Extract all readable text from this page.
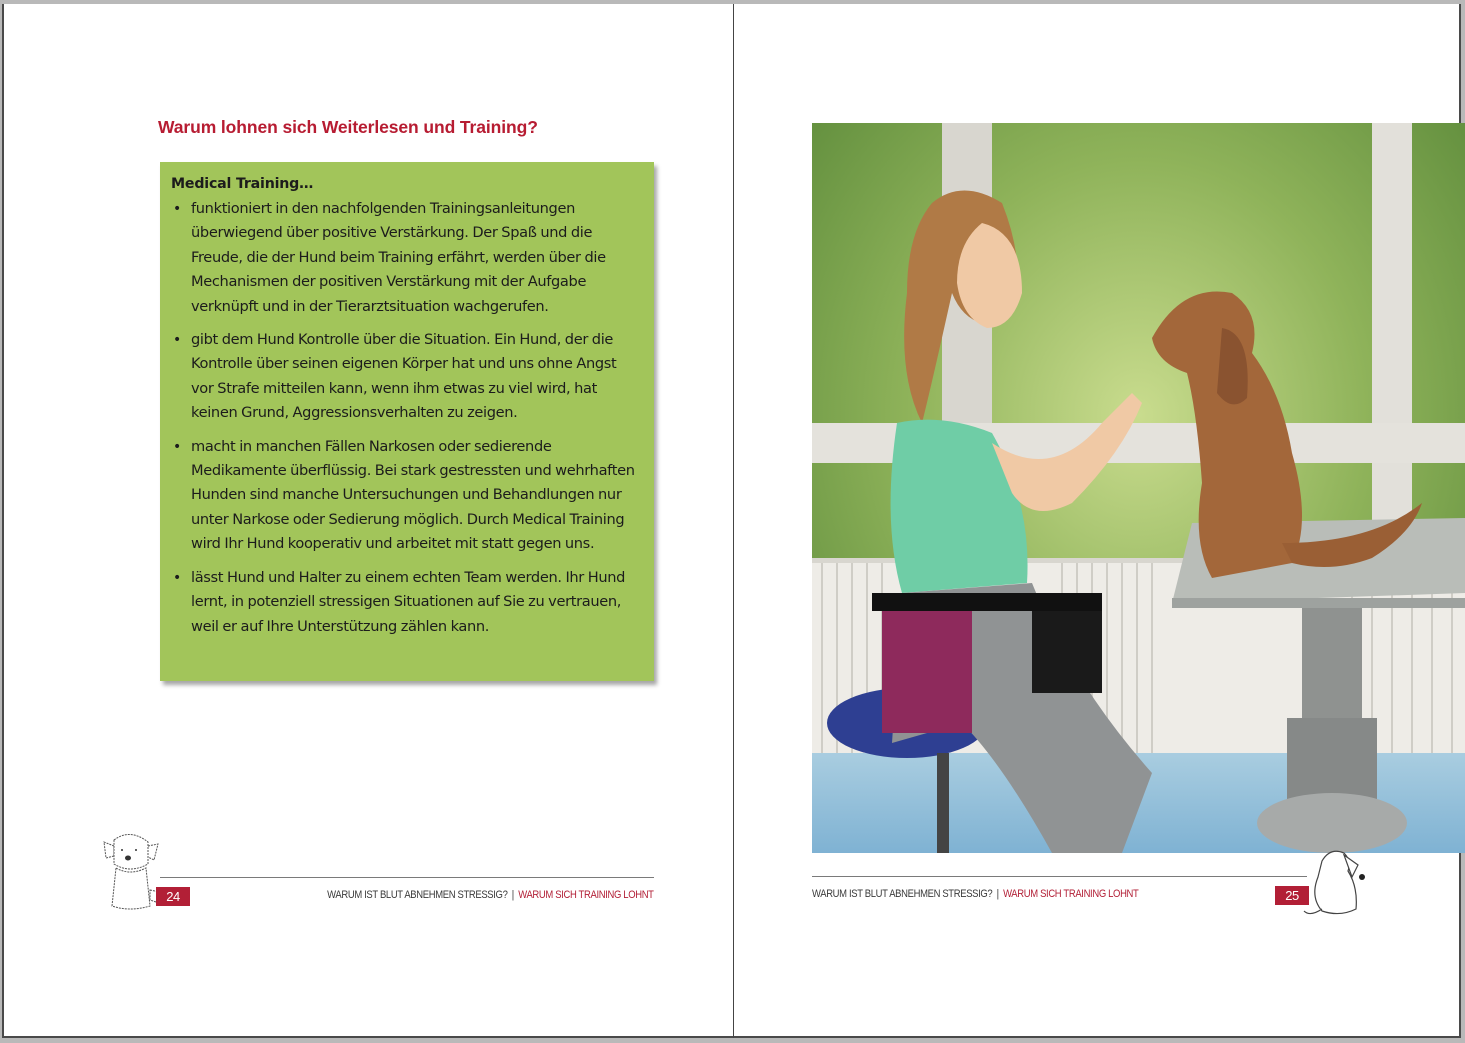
Warum lohnen sich Weiterlesen und Training?
Medical Training…
• funktioniert in den nachfolgenden Trainingsanleitungen überwiegend über positive Verstärkung. Der Spaß und die Freude, die der Hund beim Training erfährt, werden über die Mechanismen der positiven Verstärkung mit der Aufgabe verknüpft und in der Tierarztsituation wachgerufen.
• gibt dem Hund Kontrolle über die Situation. Ein Hund, der die Kontrolle über seinen eigenen Körper hat und uns ohne Angst vor Strafe mitteilen kann, wenn ihm etwas zu viel wird, hat keinen Grund, Aggressionsverhalten zu zeigen.
• macht in manchen Fällen Narkosen oder sedierende Medikamente überflüssig. Bei stark gestressten und wehrhaften Hunden sind manche Untersuchungen und Behandlungen nur unter Narkose oder Sedierung möglich. Durch Medical Training wird Ihr Hund kooperativ und arbeitet mit statt gegen uns.
• lässt Hund und Halter zu einem echten Team werden. Ihr Hund lernt, in potenziell stressigen Situationen auf Sie zu vertrauen, weil er auf Ihre Unterstützung zählen kann.
24	WARUM IST BLUT ABNEHMEN STRESSIG? | WARUM SICH TRAINING LOHNT	WARUM IST BLUT ABNEHMEN STRESSIG? | WARUM SICH TRAINING LOHNT	25
